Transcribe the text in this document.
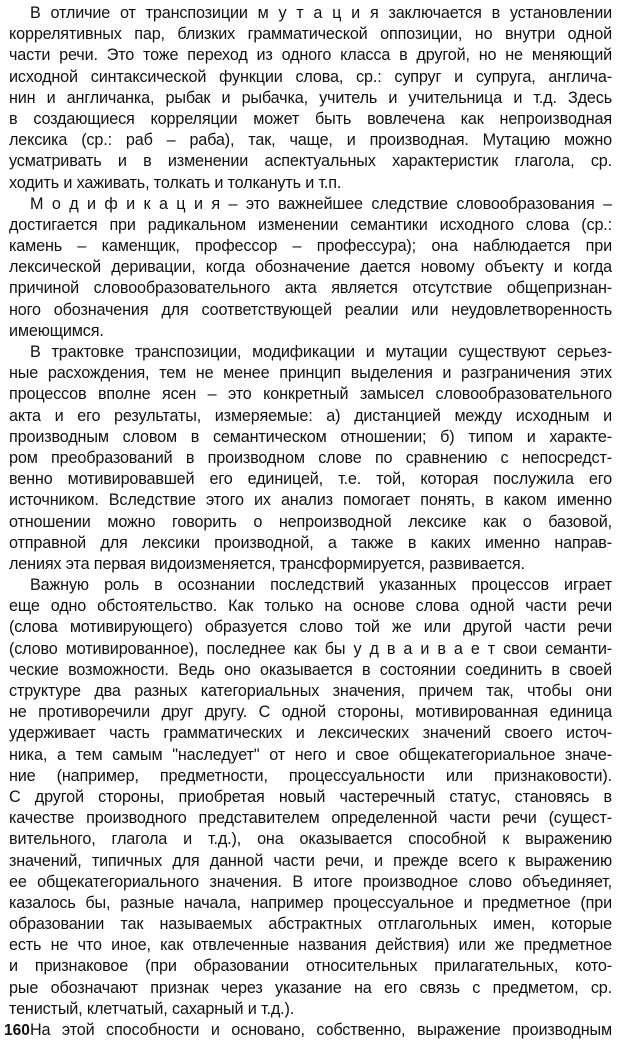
В отличие от транспозиции м у т а ц и я заключается в установлении
коррелятивных пар, близких грамматической оппозиции, но внутри одной
части речи. Это тоже переход из одного класса в другой, но не меняющий
исходной синтаксической функции слова, ср.: супруг и супруга, англича-
нин и англичанка, рыбак и рыбачка, учитель и учительница и т.д. Здесь
в создающиеся корреляции может быть вовлечена как непроизводная
лексика (ср.: раб – раба), так, чаще, и производная. Мутацию можно
усматривать и в изменении аспектуальных характеристик глагола, ср.
ходить и хаживать, толкать и толкануть и т.п.
М о д и ф и к а ц и я – это важнейшее следствие словообразования –
достигается при радикальном изменении семантики исходного слова (ср.:
камень – каменщик, профессор – профессура); она наблюдается при
лексической деривации, когда обозначение дается новому объекту и когда
причиной словообразовательного акта является отсутствие общепризнан-
ного обозначения для соответствующей реалии или неудовлетворенность
имеющимся.
В трактовке транспозиции, модификации и мутации существуют серьез-
ные расхождения, тем не менее принцип выделения и разграничения этих
процессов вполне ясен – это конкретный замысел словообразовательного
акта и его результаты, измеряемые: а) дистанцией между исходным и
производным словом в семантическом отношении; б) типом и характе-
ром преобразований в производном слове по сравнению с непосредст-
венно мотивировавшей его единицей, т.е. той, которая послужила его
источником. Вследствие этого их анализ помогает понять, в каком именно
отношении можно говорить о непроизводной лексике как о базовой,
отправной для лексики производной, а также в каких именно направ-
лениях эта первая видоизменяется, трансформируется, развивается.
Важную роль в осознании последствий указанных процессов играет
еще одно обстоятельство. Как только на основе слова одной части речи
(слова мотивирующего) образуется слово той же или другой части речи
(слово мотивированное), последнее как бы у д в а и в а е т свои семанти-
ческие возможности. Ведь оно оказывается в состоянии соединить в своей
структуре два разных категориальных значения, причем так, чтобы они
не противоречили друг другу. С одной стороны, мотивированная единица
удерживает часть грамматических и лексических значений своего источ-
ника, а тем самым "наследует" от него и свое общекатегориальное значе-
ние (например, предметности, процессуальности или признаковости).
С другой стороны, приобретая новый частеречный статус, становясь в
качестве производного представителем определенной части речи (сущест-
вительного, глагола и т.д.), она оказывается способной к выражению
значений, типичных для данной части речи, и прежде всего к выражению
ее общекатегориального значения. В итоге производное слово объединяет,
казалось бы, разные начала, например процессуальное и предметное (при
образовании так называемых абстрактных отглагольных имен, которые
есть не что иное, как отвлеченные названия действия) или же предметное
и признаковое (при образовании относительных прилагательных, кото-
рые обозначают признак через указание на его связь с предметом, ср.
тенистый, клетчатый, сахарный и т.д.).
На этой способности и основано, собственно, выражение производным
160
